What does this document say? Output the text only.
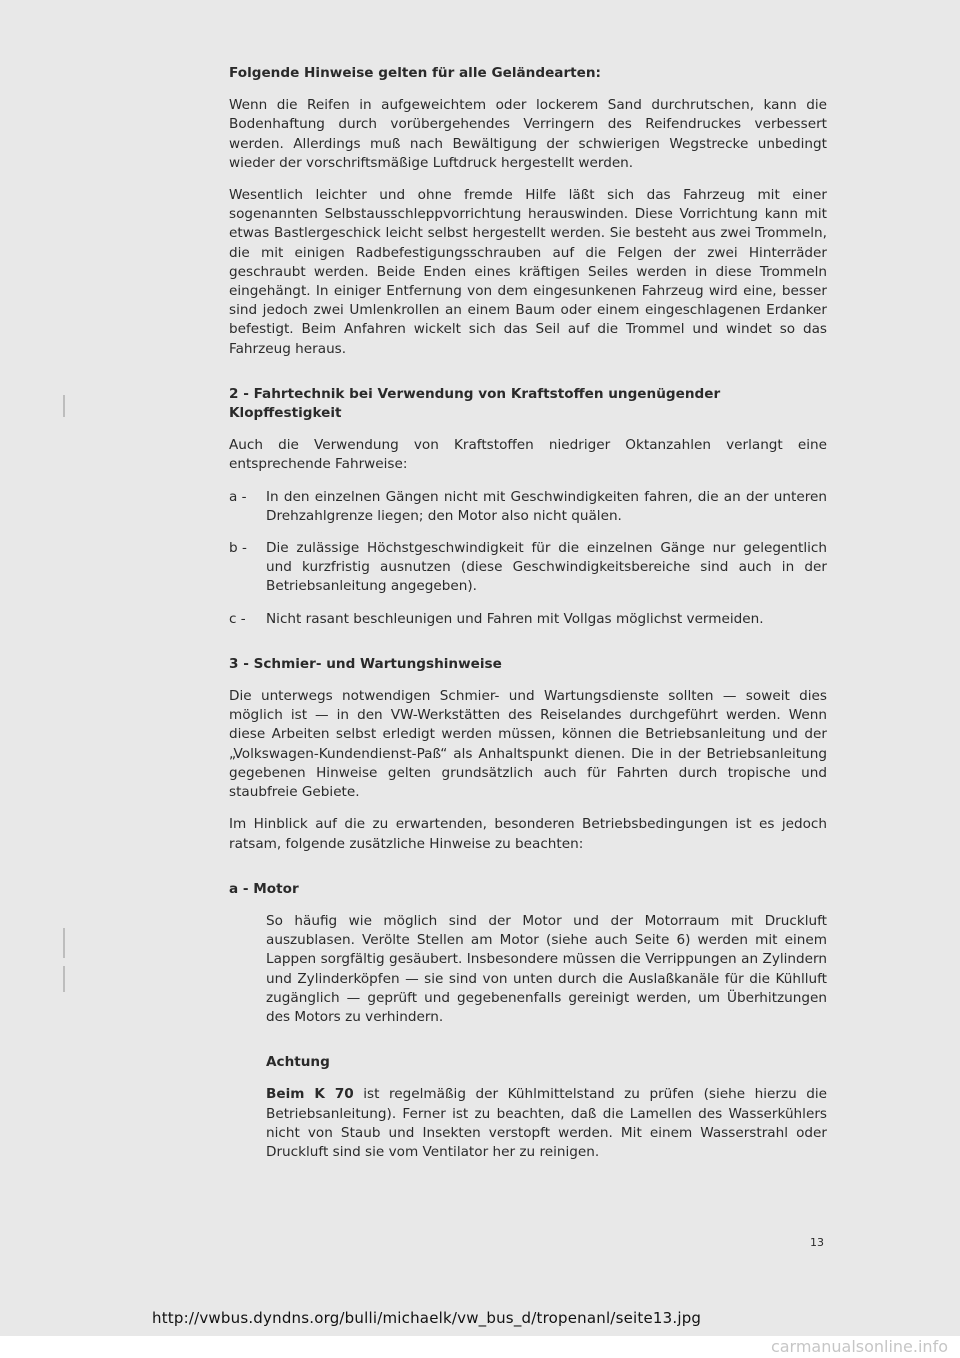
Folgende Hinweise gelten für alle Geländearten:

Wenn die Reifen in aufgeweichtem oder lockerem Sand durchrutschen, kann die Bodenhaftung durch vorübergehendes Verringern des Reifendruckes verbessert werden. Allerdings muß nach Bewältigung der schwierigen Wegstrecke unbedingt wieder der vorschriftsmäßige Luftdruck hergestellt werden.

Wesentlich leichter und ohne fremde Hilfe läßt sich das Fahrzeug mit einer sogenannten Selbstausschleppvorrichtung herauswinden. Diese Vorrichtung kann mit etwas Bastlergeschick leicht selbst hergestellt werden. Sie besteht aus zwei Trommeln, die mit einigen Radbefestigungsschrauben auf die Felgen der zwei Hinterräder geschraubt werden. Beide Enden eines kräftigen Seiles werden in diese Trommeln eingehängt. In einiger Entfernung von dem eingesunkenen Fahrzeug wird eine, besser sind jedoch zwei Umlenkrollen an einem Baum oder einem eingeschlagenen Erdanker befestigt. Beim Anfahren wickelt sich das Seil auf die Trommel und windet so das Fahrzeug heraus.

2 - Fahrtechnik bei Verwendung von Kraftstoffen ungenügender Klopffestigkeit

Auch die Verwendung von Kraftstoffen niedriger Oktanzahlen verlangt eine entsprechende Fahrweise:

a -	In den einzelnen Gängen nicht mit Geschwindigkeiten fahren, die an der unteren Drehzahlgrenze liegen; den Motor also nicht quälen.
b -	Die zulässige Höchstgeschwindigkeit für die einzelnen Gänge nur gelegentlich und kurzfristig ausnutzen (diese Geschwindigkeitsbereiche sind auch in der Betriebsanleitung angegeben).
c -	Nicht rasant beschleunigen und Fahren mit Vollgas möglichst vermeiden.
3 - Schmier- und Wartungshinweise

Die unterwegs notwendigen Schmier- und Wartungsdienste sollten — soweit dies möglich ist — in den VW-Werkstätten des Reiselandes durchgeführt werden. Wenn diese Arbeiten selbst erledigt werden müssen, können die Betriebsanleitung und der „Volkswagen-Kundendienst-Paß“ als Anhaltspunkt dienen. Die in der Betriebsanleitung gegebenen Hinweise gelten grundsätzlich auch für Fahrten durch tropische und staubfreie Gebiete.

Im Hinblick auf die zu erwartenden, besonderen Betriebsbedingungen ist es jedoch ratsam, folgende zusätzliche Hinweise zu beachten:

a - Motor

So häufig wie möglich sind der Motor und der Motorraum mit Druckluft auszublasen. Verölte Stellen am Motor (siehe auch Seite 6) werden mit einem Lappen sorgfältig gesäubert. Insbesondere müssen die Verrippungen an Zylindern und Zylinderköpfen — sie sind von unten durch die Auslaßkanäle für die Kühlluft zugänglich — geprüft und gegebenenfalls gereinigt werden, um Überhitzungen des Motors zu verhindern.

Achtung

Beim K 70 ist regelmäßig der Kühlmittelstand zu prüfen (siehe hierzu die Betriebsanleitung). Ferner ist zu beachten, daß die Lamellen des Wasserkühlers nicht von Staub und Insekten verstopft werden. Mit einem Wasserstrahl oder Druckluft sind sie vom Ventilator her zu reinigen.

13
http://vwbus.dyndns.org/bulli/michaelk/vw_bus_d/tropenanl/seite13.jpg
carmanualsonline.info
